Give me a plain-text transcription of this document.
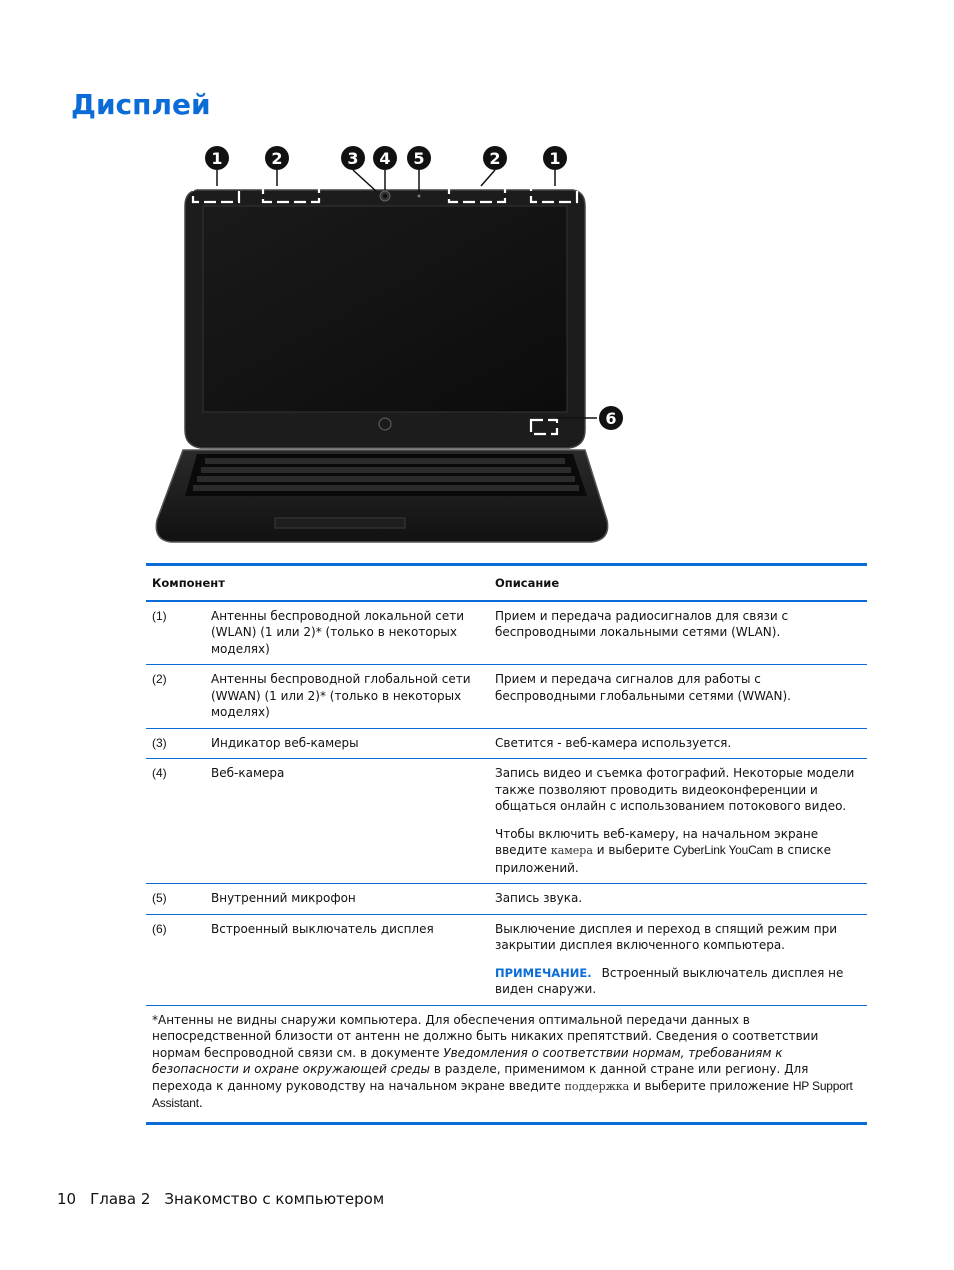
Дисплей
1	2	3 4 5	2	1
6
Компонент		Описание
(1)	Антенны беспроводной локальной сети (WLAN) (1 или 2)* (только в некоторых моделях)	Прием и передача радиосигналов для связи с беспроводными локальными сетями (WLAN).
(2)	Антенны беспроводной глобальной сети (WWAN) (1 или 2)* (только в некоторых моделях)	Прием и передача сигналов для работы с беспроводными глобальными сетями (WWAN).
(3)	Индикатор веб-камеры	Светится - веб-камера используется.
(4)	Веб-камера	Запись видео и съемка фотографий. Некоторые модели также позволяют проводить видеоконференции и общаться онлайн с использованием потокового видео.

Чтобы включить веб-камеру, на начальном экране введите камера и выберите CyberLink YouCam в списке приложений.

(5)	Внутренний микрофон	Запись звука.
(6)	Встроенный выключатель дисплея	Выключение дисплея и переход в спящий режим при закрытии дисплея включенного компьютера.

ПРИМЕЧАНИЕ. Встроенный выключатель дисплея не виден снаружи.

*Антенны не видны снаружи компьютера. Для обеспечения оптимальной передачи данных в непосредственной близости от антенн не должно быть никаких препятствий. Сведения о соответствии нормам беспроводной связи см. в документе Уведомления о соответствии нормам, требованиям к безопасности и охране окружающей среды в разделе, применимом к данной стране или региону. Для перехода к данному руководству на начальном экране введите поддержка и выберите приложение HP Support Assistant.		
10 Глава 2 Знакомство с компьютером
